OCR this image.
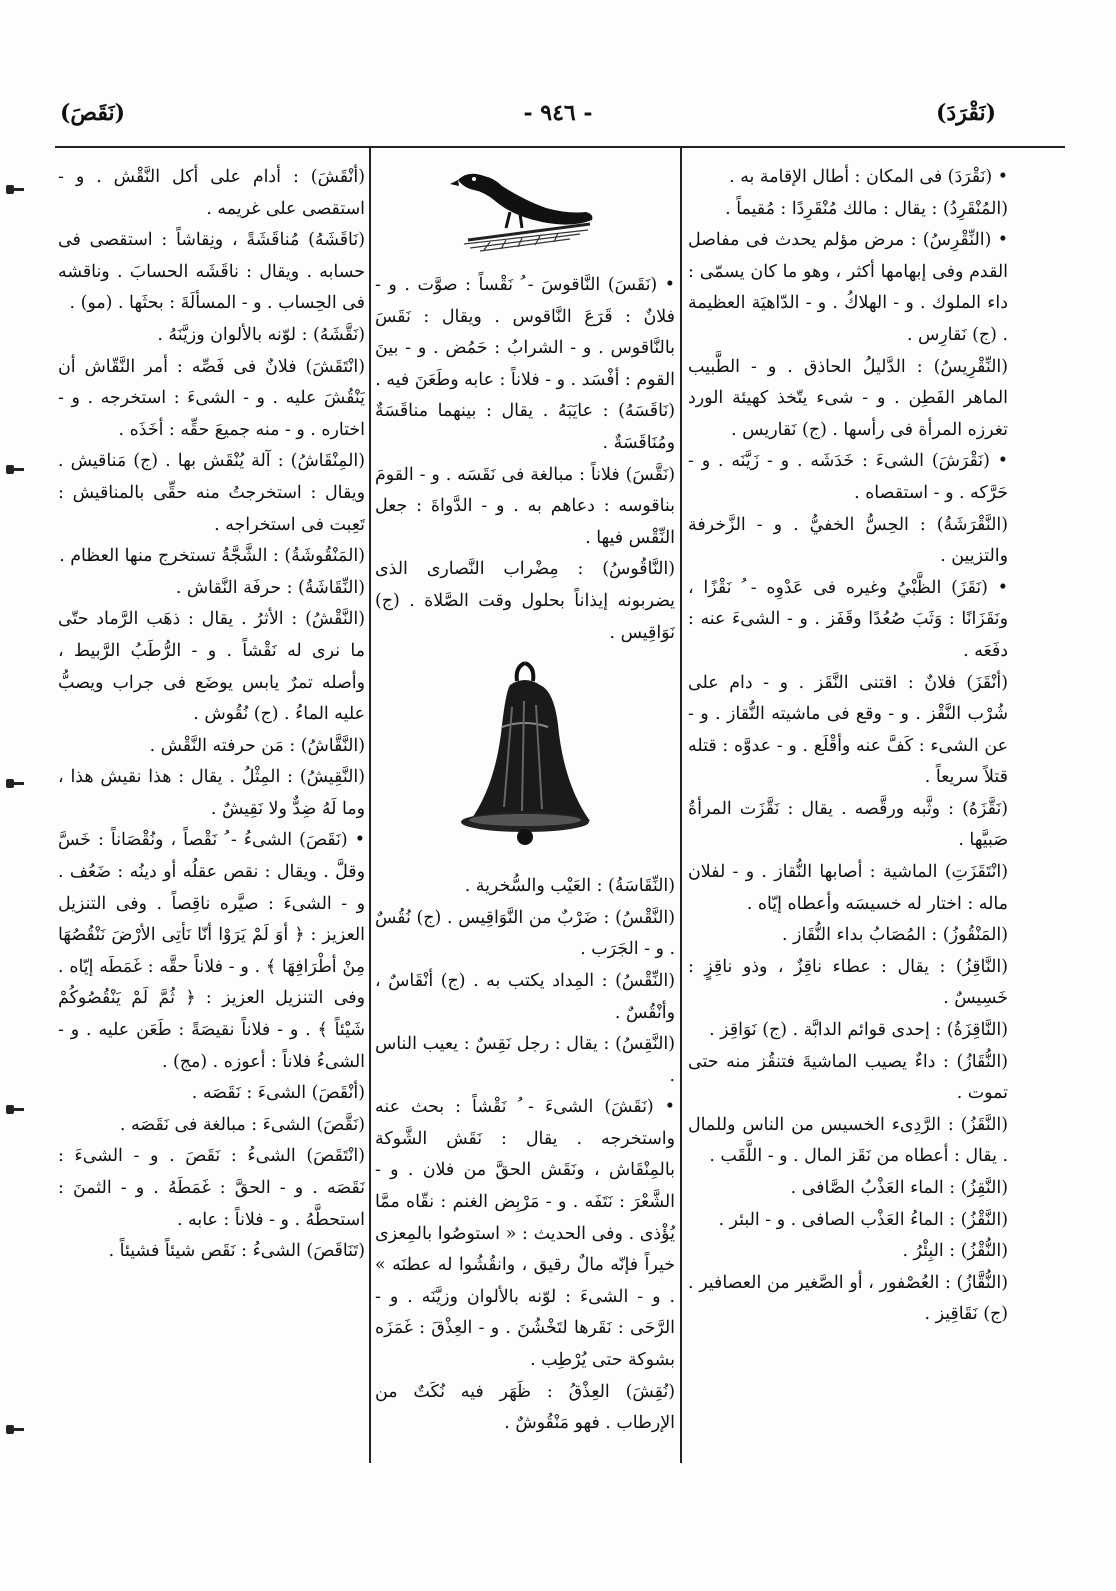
(نَقْرَدَ)
- ٩٤٦ -
(نَقَصَ)

• (نَقْرَدَ) فى المكان : أطال الإقامة به .

(المُنْقَرِدُ) : يقال : مالك مُنْقَرِدًا : مُقيماً .

• (النِّقْرِسُ) : مرض مؤلم يحدث فى مفاصل القدم وفى إبهامها أكثر ، وهو ما كان يسمّى : داء الملوك . و - الهلاكُ . و - الدّاهيَة العظيمة . (ج) نَقارِس .

(النِّقْرِيسُ) : الدَّليلُ الحاذق . و - الطَّبيب الماهر الفَطِن . و - شىء يتّخذ كهيئة الورد تغرزه المرأة فى رأسها . (ج) نَقاريس .

• (نَقْرَشَ) الشىءَ : خَدَشَه . و - زَيَّنَه . و - حَرَّكه . و - استقصاه .

(النَّقْرَشَةُ) : الحِسُّ الخفيُّ . و - الزَّخرفة والتزيين .

• (نَقَزَ) الظَّبْيُ وغيره فى عَدْوِه - ُ نَقْزًا ، ونَقَزَانًا : وَثَبَ صُعُدًا وقَفَز . و - الشىءَ عنه : دفَعَه .

(أنْقَزَ) فلانٌ : اقتنى النَّقَز . و - دام على شُرْب النَّقْز . و - وقع فى ماشيته النُّقاز . و - عن الشىء : كَفَّ عنه وأقْلَع . و - عدوَّه : قتله قتلاً سريعاً .

(نَقَّزَهُ) : وثَّبه ورقَّصه . يقال : نَقَّزَت المرأةُ صَبيَّها .

(انْتَقَزَتِ) الماشية : أصابها النُّقاز . و - لفلان ماله : اختار له خسيسَه وأعطاه إيّاه .

(المَنْقُوزُ) : المُصَابُ بداء النُّقَاز .

(النَّاقِزُ) : يقال : عطاء ناقِزٌ ، وذو ناقِزٍ : خَسِيسٌ .

(النَّاقِزَةُ) : إحدى قوائم الدابَّة . (ج) نَوَاقِز .

(النُّقَازُ) : داءٌ يصيب الماشيةَ فتنقُز منه حتى تموت .

(النَّقَزُ) : الرَّدِىء الخسيس من الناس وللمال . يقال : أعطاه من نَقَز المال . و - اللَّقَب .

(النَّقِزُ) : الماء العَذْبُ الصَّافى .

(النَّقْزُ) : الماءُ العَذْب الصافى . و - البئر .

(النُّقْزُ) : البِئْرُ .

(النُّقَّازُ) : العُصْفور ، أو الصَّغير من العصافير . (ج) نَقَاقِيز .

• (نَقَسَ) النَّاقوسَ - ُ نَقْساً : صوَّت . و - فلانٌ : قَرَعَ النَّاقوس . ويقال : نَقَسَ بالنَّاقوس . و - الشرابُ : حَمُض . و - بينَ القوم : أفْسَد . و - فلاناً : عابه وطَعَنَ فيه .

(نَاقَسَهُ) : عايَبَهُ . يقال : بينهما مناقَسَةٌ ومُنَاقَسَةٌ .

(نَقَّسَ) فلاناً : مبالغة فى نَقَسَه . و - القومَ بناقوسه : دعاهم به . و - الدَّواةَ : جعل النِّقْس فيها .

(النَّاقُوسُ) : مِضْراب النَّصارى الذى يضربونه إيذاناً بحلول وقت الصَّلاة . (ج) نَوَاقِيس .

(النِّقَاسَةُ) : العَيْب والسُّخرية .

(النَّقْسُ) : ضَرْبٌ من النَّوَاقِيس . (ج) نُقُسٌ . و - الجَرَب .

(النِّقْسُ) : المِداد يكتب به . (ج) أنْقَاسٌ ، وأنْقُسٌ .

(النَّقِسُ) : يقال : رجل نَقِسٌ : يعيب الناس .

• (نَقَشَ) الشىءَ - ُ نَقْشاً : بحث عنه واستخرجه . يقال : نَقَش الشَّوكة بالمِنْقَاش ، ونَقَش الحقَّ من فلان . و - الشَّعْرَ : نَتَفَه . و - مَرْبِض الغنم : نقّاه ممَّا يُؤْذى . وفى الحديث : « استوصُوا بالمِعزى خيراً فإنّه مالٌ رقيق ، وانقُشُوا له عطنَه » . و - الشىءَ : لوّنه بالألوان وزيَّنَه . و - الرَّحَى : نَقَرها لتَخْشُنَ . و - العِذْقَ : غَمَزَه بشوكة حتى يُرْطِب .

(نُقِشَ) العِذْقُ : ظَهَر فيه نُكَتٌ من الإرطاب . فهو مَنْقُوشٌ .

(أنْقَشَ) : أدام على أكل النَّقْش . و - استقصى على غريمه .

(نَاقَشَهُ) مُناقَشَةً ، ونِقاشاً : استقصى فى حسابه . ويقال : ناقَشَه الحسابَ . وناقشه فى الحِساب . و - المسألَةَ : بحثَها . (مو) .

(نَقَّشَهُ) : لوّنه بالألوان وزيَّنَهُ .

(انْتَقَشَ) فلانٌ فى فَصِّه : أمر النَّقّاش أن يَنْقُشَ عليه . و - الشىءَ : استخرجه . و - اختاره . و - منه جميعَ حقِّه : أخَذَه .

(المِنْقَاشُ) : آلة يُنْقَش بها . (ج) مَناقيش . ويقال : استخرجتُ منه حقِّى بالمناقيش : تَعِبت فى استخراجه .

(المَنْقُوشَةُ) : الشَّجَّةُ تستخرج منها العظام .

(النِّقَاشَةُ) : حرفَة النَّقاش .

(النَّقْشُ) : الأثرُ . يقال : ذهَب الرَّماد حتّى ما نرى له نَقْشاً . و - الرُّطَبُ الرَّبيط ، وأصله تمرٌ يابس يوضَع فى جراب ويصبُّ عليه الماءُ . (ج) نُقُوش .

(النَّقَّاشُ) : مَن حرفته النَّقْش .

(النَّقِيشُ) : المِثْلُ . يقال : هذا نقيش هذا ، وما لَهُ ضِدٌّ ولا نَقِيشٌ .

• (نَقَصَ) الشىءُ - ُ نَقْصاً ، ونُقْصَاناً : خَسَّ وقلَّ . ويقال : نقص عقلُه أو دينُه : ضَعُف . و - الشىءَ : صيَّره ناقِصاً . وفى التنزيل العزيز : ﴿ أوَ لَمْ يَرَوْا أنّا نَأتِى الأرْضَ نَنْقُصُهَا مِنْ أطْرَافِهَا ﴾ . و - فلاناً حقَّه : غَمَطَه إيّاه . وفى التنزيل العزيز : ﴿ ثُمَّ لَمْ يَنْقُصُوكُمْ شَيْئاً ﴾ . و - فلاناً نقيصَةً : طَعَن عليه . و - الشىءُ فلاناً : أعوزه . (مج) .

(أنْقَصَ) الشىءَ : نَقَصَه .

(نَقَّصَ) الشىءَ : مبالغة فى نَقَصَه .

(انْتَقَصَ) الشىءُ : نَقَصَ . و - الشىءَ : نَقَصَه . و - الحقَّ : غَمَطَهُ . و - الثمنَ : استحطَّهُ . و - فلاناً : عابه .

(تَنَاقَصَ) الشىءُ : نَقَص شيئاً فشيئاً .
